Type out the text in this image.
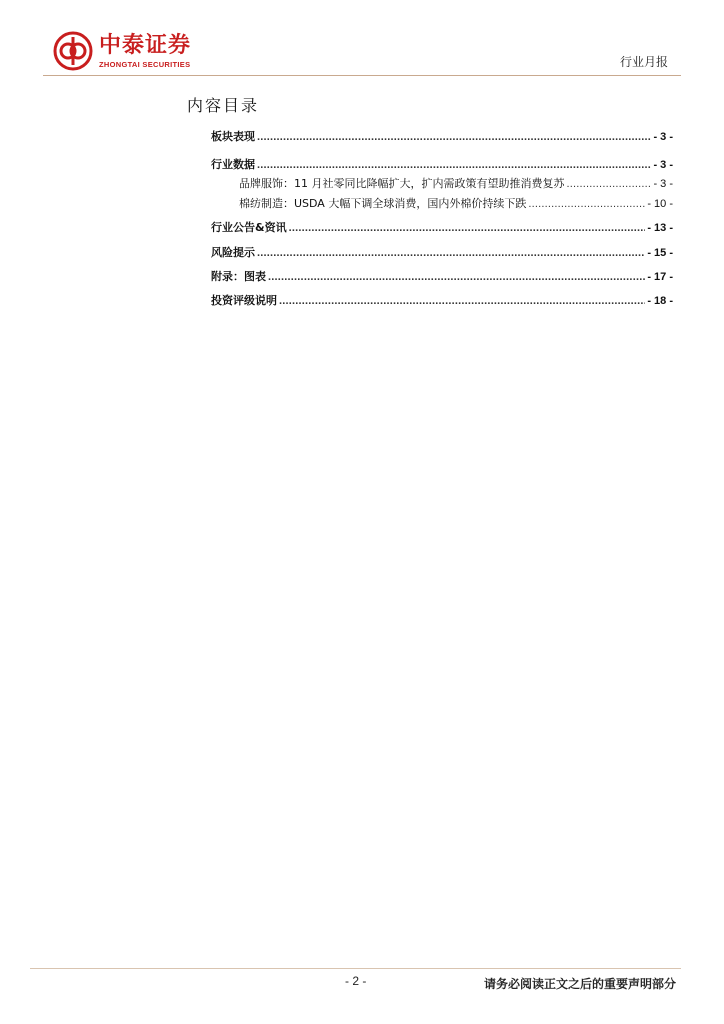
中泰证券
ZHONGTAI SECURITIES	行业月报
内容目录
板块表现 .....	- 3 -
行业数据 .....	- 3 -
品牌服饰：11 月社零同比降幅扩大，扩内需政策有望助推消费复苏 .....	- 3 -
棉纺制造：USDA 大幅下调全球消费，国内外棉价持续下跌 .....	- 10 -
行业公告&资讯 .....	- 13 -
风险提示 .....	- 15 -
附录：图表 .....	- 17 -
投资评级说明 .....	- 18 -
- 2 -	请务必阅读正文之后的重要声明部分
